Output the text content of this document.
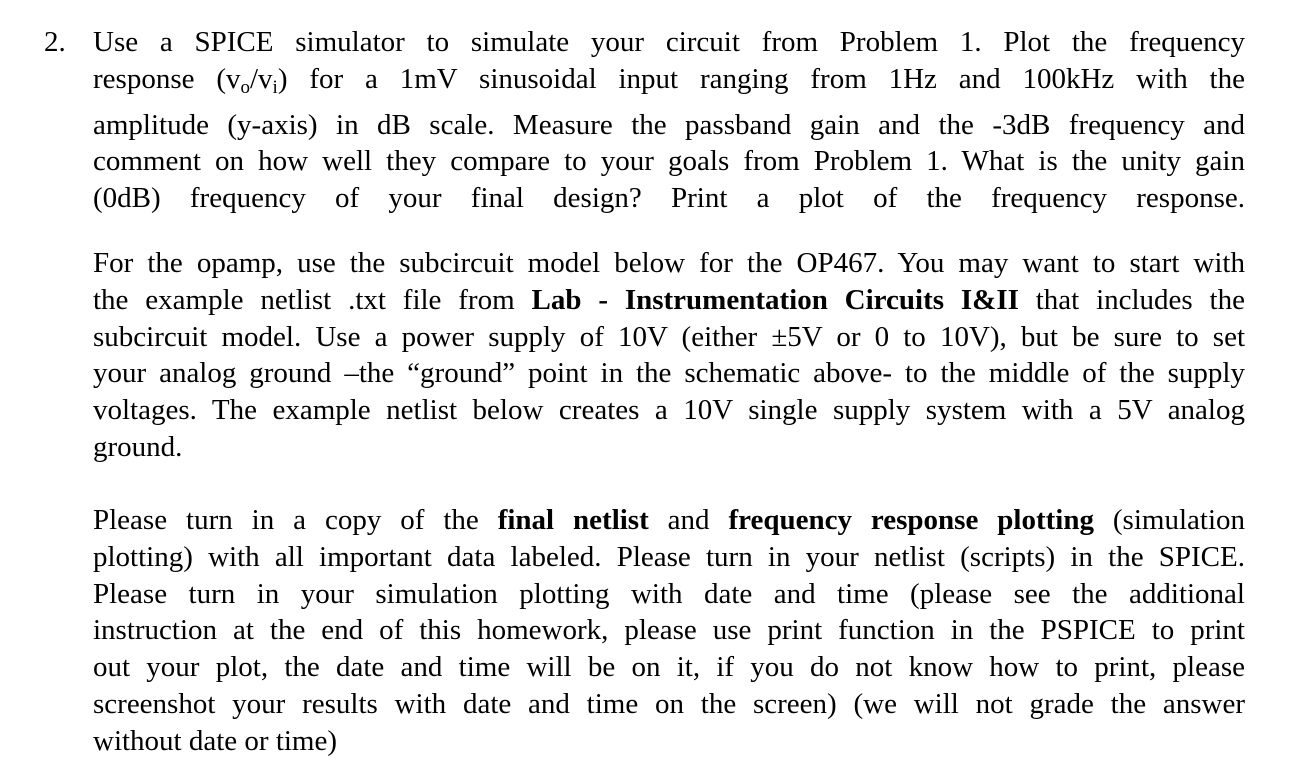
2. Use a SPICE simulator to simulate your circuit from Problem 1. Plot the frequency
response $(v_o/v_i)$ for a 1mV sinusoidal input ranging from 1Hz and 100kHz with the
amplitude (y-axis) in dB scale. Measure the passband gain and the -3dB frequency and
comment on how well they compare to your goals from Problem 1. What is the unity gain
(0dB) frequency of your final design? Print a plot of the frequency response.
For the opamp, use the subcircuit model below for the OP467. You may want to start with
the example netlist .txt file from Lab - Instrumentation Circuits I&II that includes the
subcircuit model. Use a power supply of 10V (either ±5V or 0 to 10V), but be sure to set
your analog ground –the “ground” point in the schematic above- to the middle of the supply
voltages. The example netlist below creates a 10V single supply system with a 5V analog
ground.
Please turn in a copy of the final netlist and frequency response plotting (simulation
plotting) with all important data labeled. Please turn in your netlist (scripts) in the SPICE.
Please turn in your simulation plotting with date and time (please see the additional
instruction at the end of this homework, please use print function in the PSPICE to print
out your plot, the date and time will be on it, if you do not know how to print, please
screenshot your results with date and time on the screen) (we will not grade the answer
without date or time)
